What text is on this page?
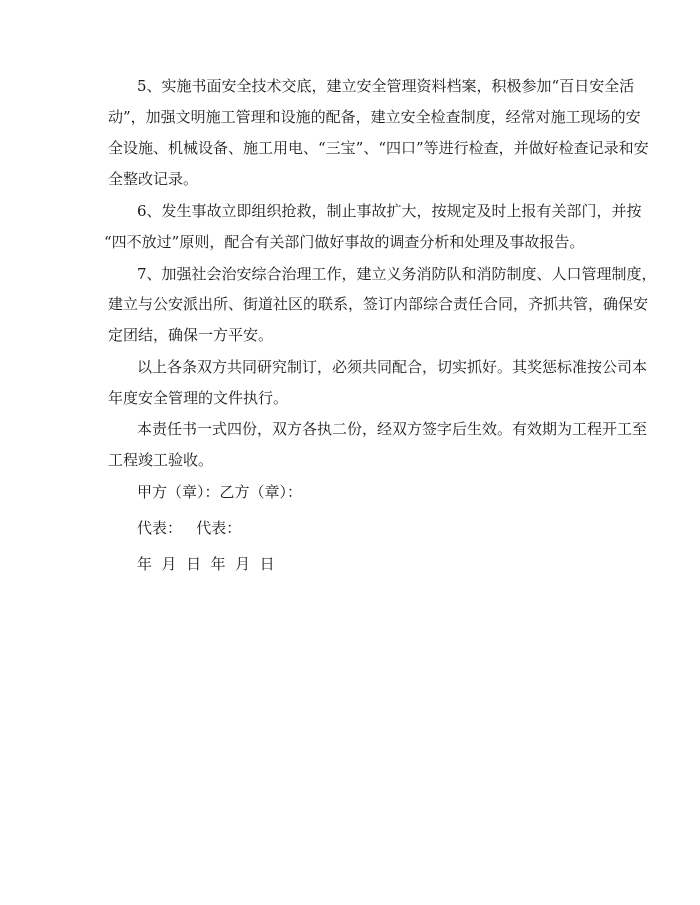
5、实施书面安全技术交底，建立安全管理资料档案，积极参加“百日安全活
动”，加强文明施工管理和设施的配备，建立安全检查制度，经常对施工现场的安
全设施、机械设备、施工用电、“三宝”、“四口”等进行检查，并做好检查记录和安
全整改记录。
6、发生事故立即组织抢救，制止事故扩大，按规定及时上报有关部门，并按
“四不放过”原则，配合有关部门做好事故的调查分析和处理及事故报告。
7、加强社会治安综合治理工作，建立义务消防队和消防制度、人口管理制度，
建立与公安派出所、街道社区的联系，签订内部综合责任合同，齐抓共管，确保安
定团结，确保一方平安。
以上各条双方共同研究制订，必须共同配合，切实抓好。其奖惩标准按公司本
年度安全管理的文件执行。
本责任书一式四份，双方各执二份，经双方签字后生效。有效期为工程开工至
工程竣工验收。
甲方（章）：乙方（章）：
代表：   代表：
年  月  日  年  月  日
